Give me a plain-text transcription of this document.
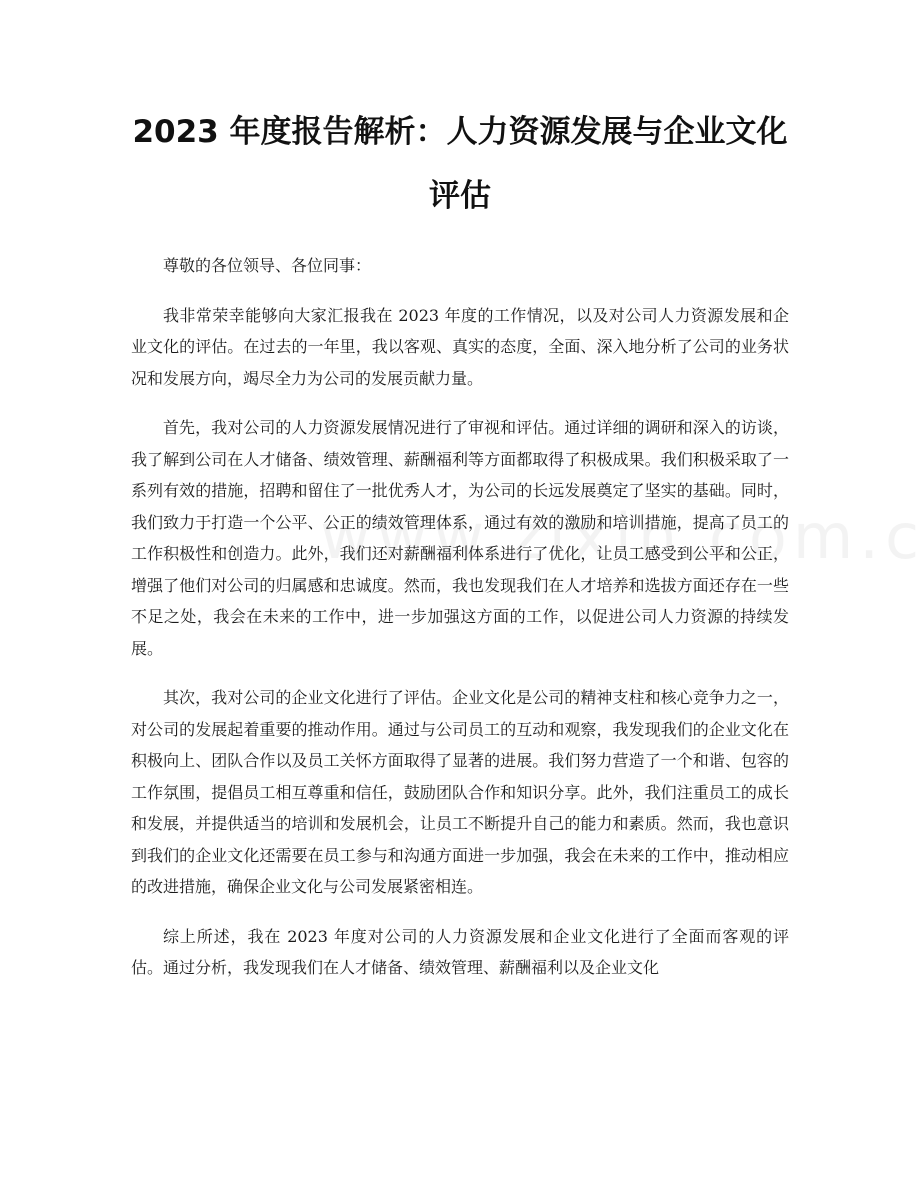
2023 年度报告解析：人力资源发展与企业文化评估

尊敬的各位领导、各位同事：

我非常荣幸能够向大家汇报我在 2023 年度的工作情况，以及对公司人力资源发展和企业文化的评估。在过去的一年里，我以客观、真实的态度，全面、深入地分析了公司的业务状况和发展方向，竭尽全力为公司的发展贡献力量。

首先，我对公司的人力资源发展情况进行了审视和评估。通过详细的调研和深入的访谈，我了解到公司在人才储备、绩效管理、薪酬福利等方面都取得了积极成果。我们积极采取了一系列有效的措施，招聘和留住了一批优秀人才，为公司的长远发展奠定了坚实的基础。同时，我们致力于打造一个公平、公正的绩效管理体系，通过有效的激励和培训措施，提高了员工的工作积极性和创造力。此外，我们还对薪酬福利体系进行了优化，让员工感受到公平和公正，增强了他们对公司的归属感和忠诚度。然而，我也发现我们在人才培养和选拔方面还存在一些不足之处，我会在未来的工作中，进一步加强这方面的工作，以促进公司人力资源的持续发展。

其次，我对公司的企业文化进行了评估。企业文化是公司的精神支柱和核心竞争力之一，对公司的发展起着重要的推动作用。通过与公司员工的互动和观察，我发现我们的企业文化在积极向上、团队合作以及员工关怀方面取得了显著的进展。我们努力营造了一个和谐、包容的工作氛围，提倡员工相互尊重和信任，鼓励团队合作和知识分享。此外，我们注重员工的成长和发展，并提供适当的培训和发展机会，让员工不断提升自己的能力和素质。然而，我也意识到我们的企业文化还需要在员工参与和沟通方面进一步加强，我会在未来的工作中，推动相应的改进措施，确保企业文化与公司发展紧密相连。

综上所述，我在 2023 年度对公司的人力资源发展和企业文化进行了全面而客观的评估。通过分析，我发现我们在人才储备、绩效管理、薪酬福利以及企业文化
